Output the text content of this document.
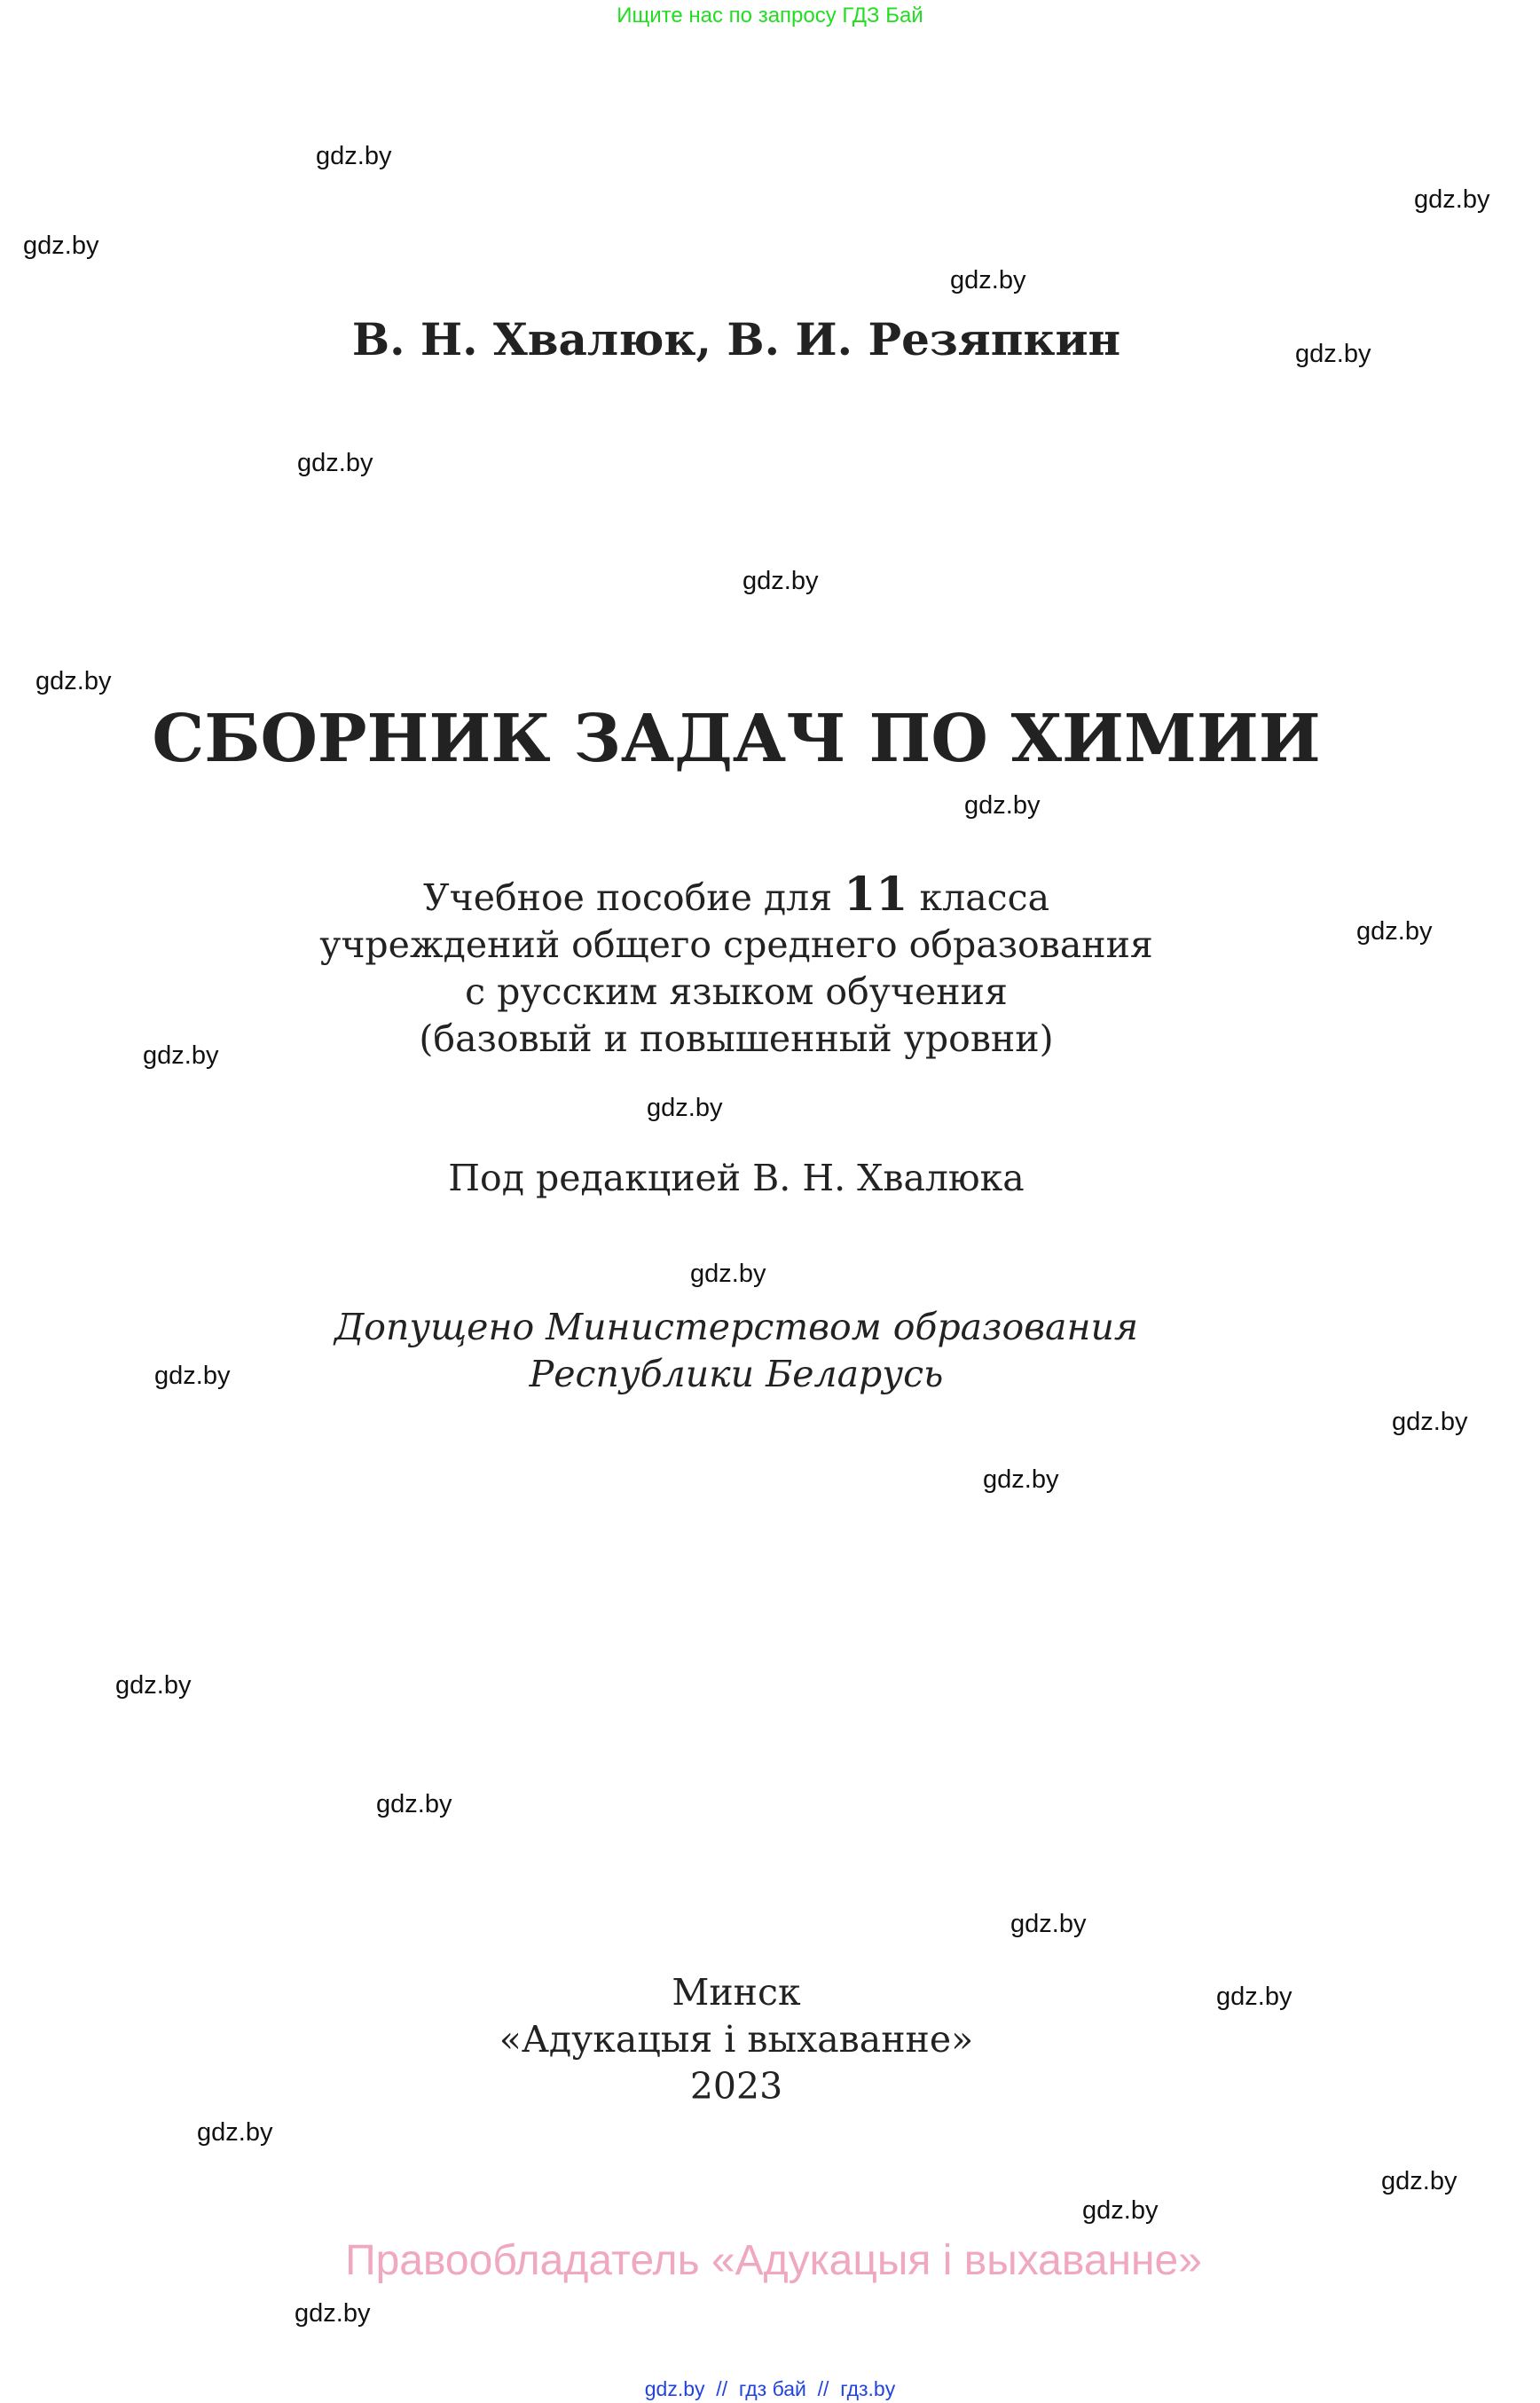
Ищите нас по запросу ГДЗ Бай
В. Н. Хвалюк, В. И. Резяпкин
СБОРНИК ЗАДАЧ ПО ХИМИИ
Учебное пособие для 11 класса
учреждений общего среднего образования
с русским языком обучения
(базовый и повышенный уровни)
Под редакцией В. Н. Хвалюка
Допущено Министерством образования
Республики Беларусь
Минск
«Адукацыя і выхаванне»
2023
Правообладатель «Адукацыя і выхаванне»
gdz.by  //  гдз бай  //  гдз.by
gdz.by
gdz.by
gdz.by
gdz.by
gdz.by
gdz.by
gdz.by
gdz.by
gdz.by
gdz.by
gdz.by
gdz.by
gdz.by
gdz.by
gdz.by
gdz.by
gdz.by
gdz.by
gdz.by
gdz.by
gdz.by
gdz.by
gdz.by
gdz.by
